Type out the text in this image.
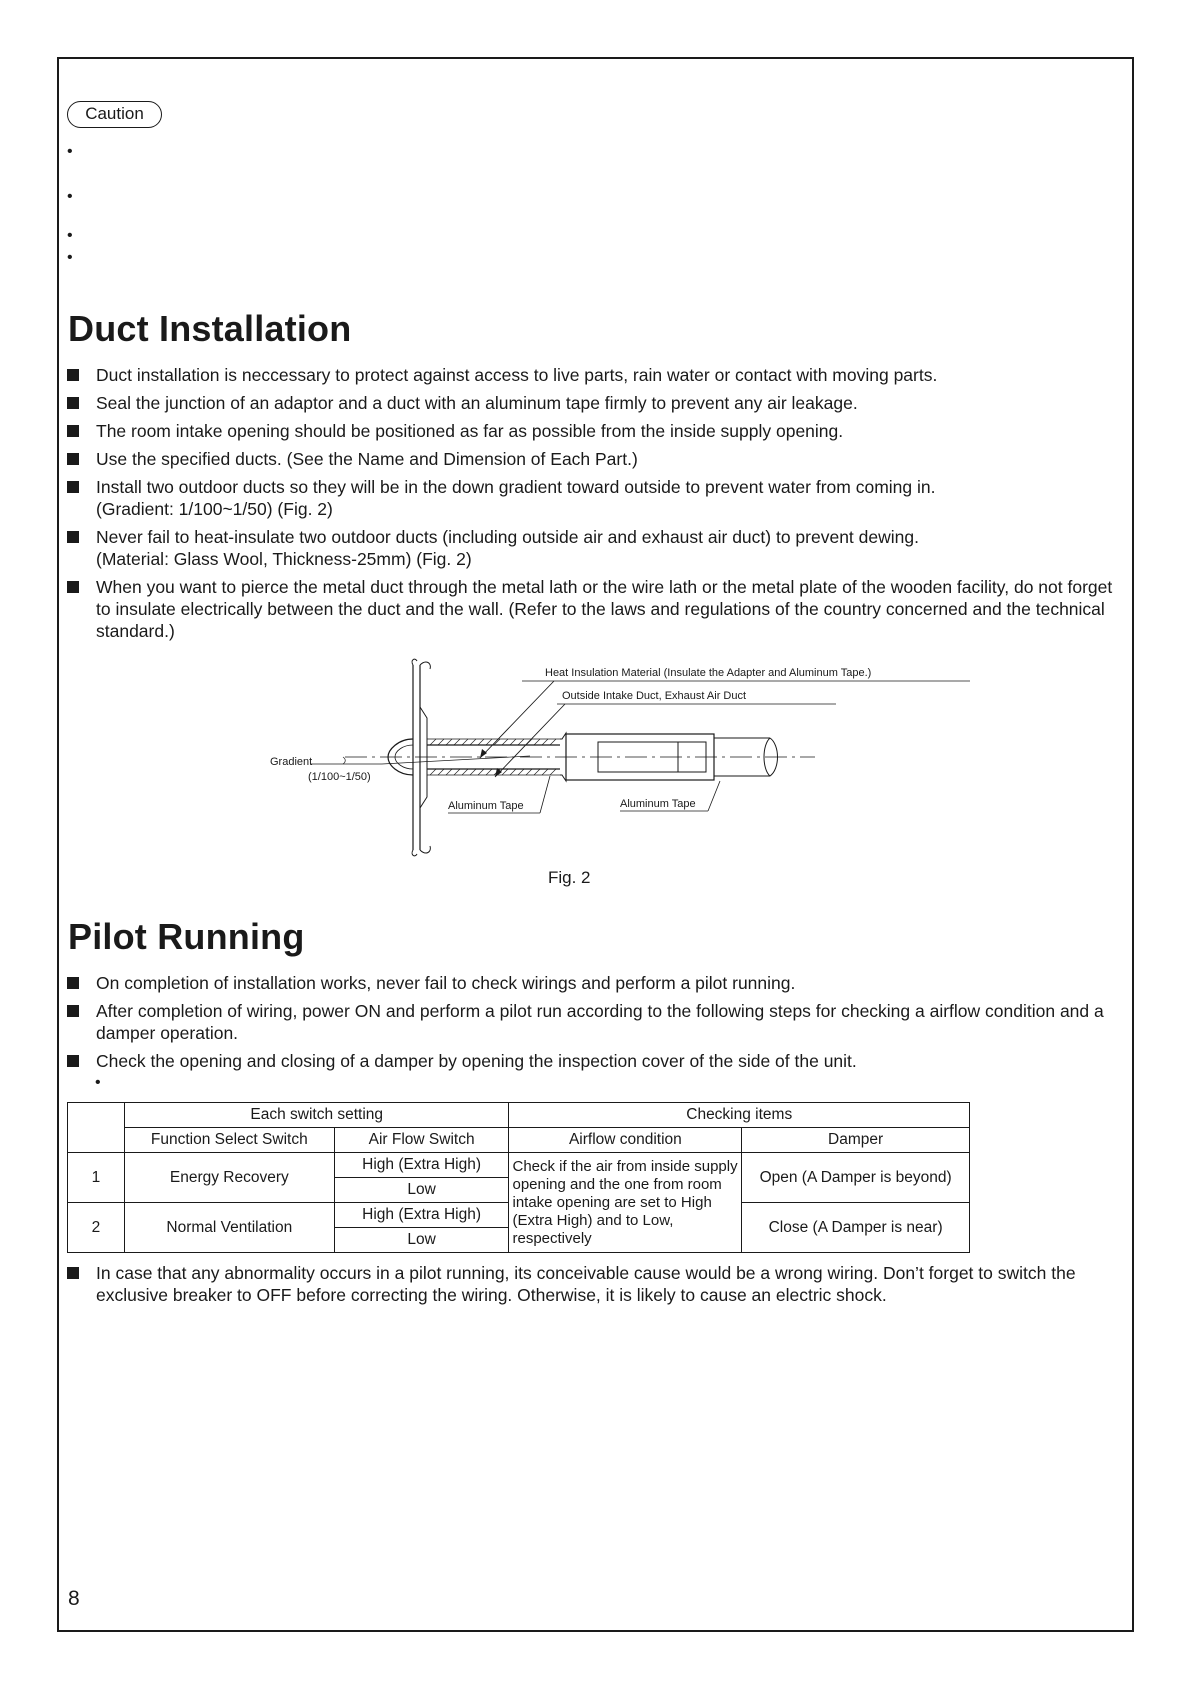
Caution
•
•
•
•
Duct Installation
Duct installation is neccessary to protect against access to live parts, rain water or contact with moving parts.
Seal the junction of an adaptor and a duct with an aluminum tape firmly to prevent any air leakage.
The room intake opening should be positioned as far as possible from the inside supply opening.
Use the specified ducts. (See the Name and Dimension of Each Part.)
Install two outdoor ducts so they will be in the down gradient toward outside to prevent water from coming in.
(Gradient: 1/100~1/50) (Fig. 2)
Never fail to heat-insulate two outdoor ducts (including outside air and exhaust air duct) to prevent dewing.
(Material: Glass Wool, Thickness-25mm) (Fig. 2)
When you want to pierce the metal duct through the metal lath or the wire lath or the metal plate of the wooden facility, do not forget to insulate electrically between the duct and the wall. (Refer to the laws and regulations of the country concerned and the technical standard.)
Heat Insulation Material (Insulate the Adapter and Aluminum Tape.)
Outside Intake Duct, Exhaust Air Duct
Gradient
(1/100~1/50)
Aluminum Tape	Aluminum Tape
Fig. 2
Pilot Running
On completion of installation works, never fail to check wirings and perform a pilot running.
After completion of wiring, power ON and perform a pilot run according to the following steps for checking a airflow condition and a damper operation.
Check the opening and closing of a damper by opening the inspection cover of the side of the unit.
•
	Each switch setting		Checking items	
	Function Select Switch	Air Flow Switch	Airflow condition	Damper
1	Energy Recovery	High (Extra High)	Check if the air from inside supply opening and the one from room intake opening are set to High (Extra High) and to Low, respectively	Open (A Damper is beyond)
		Low		
2	Normal Ventilation	High (Extra High)		Close (A Damper is near)
		Low		
In case that any abnormality occurs in a pilot running, its conceivable cause would be a wrong wiring. Don’t forget to switch the exclusive breaker to OFF before correcting the wiring. Otherwise, it is likely to cause an electric shock.
8
